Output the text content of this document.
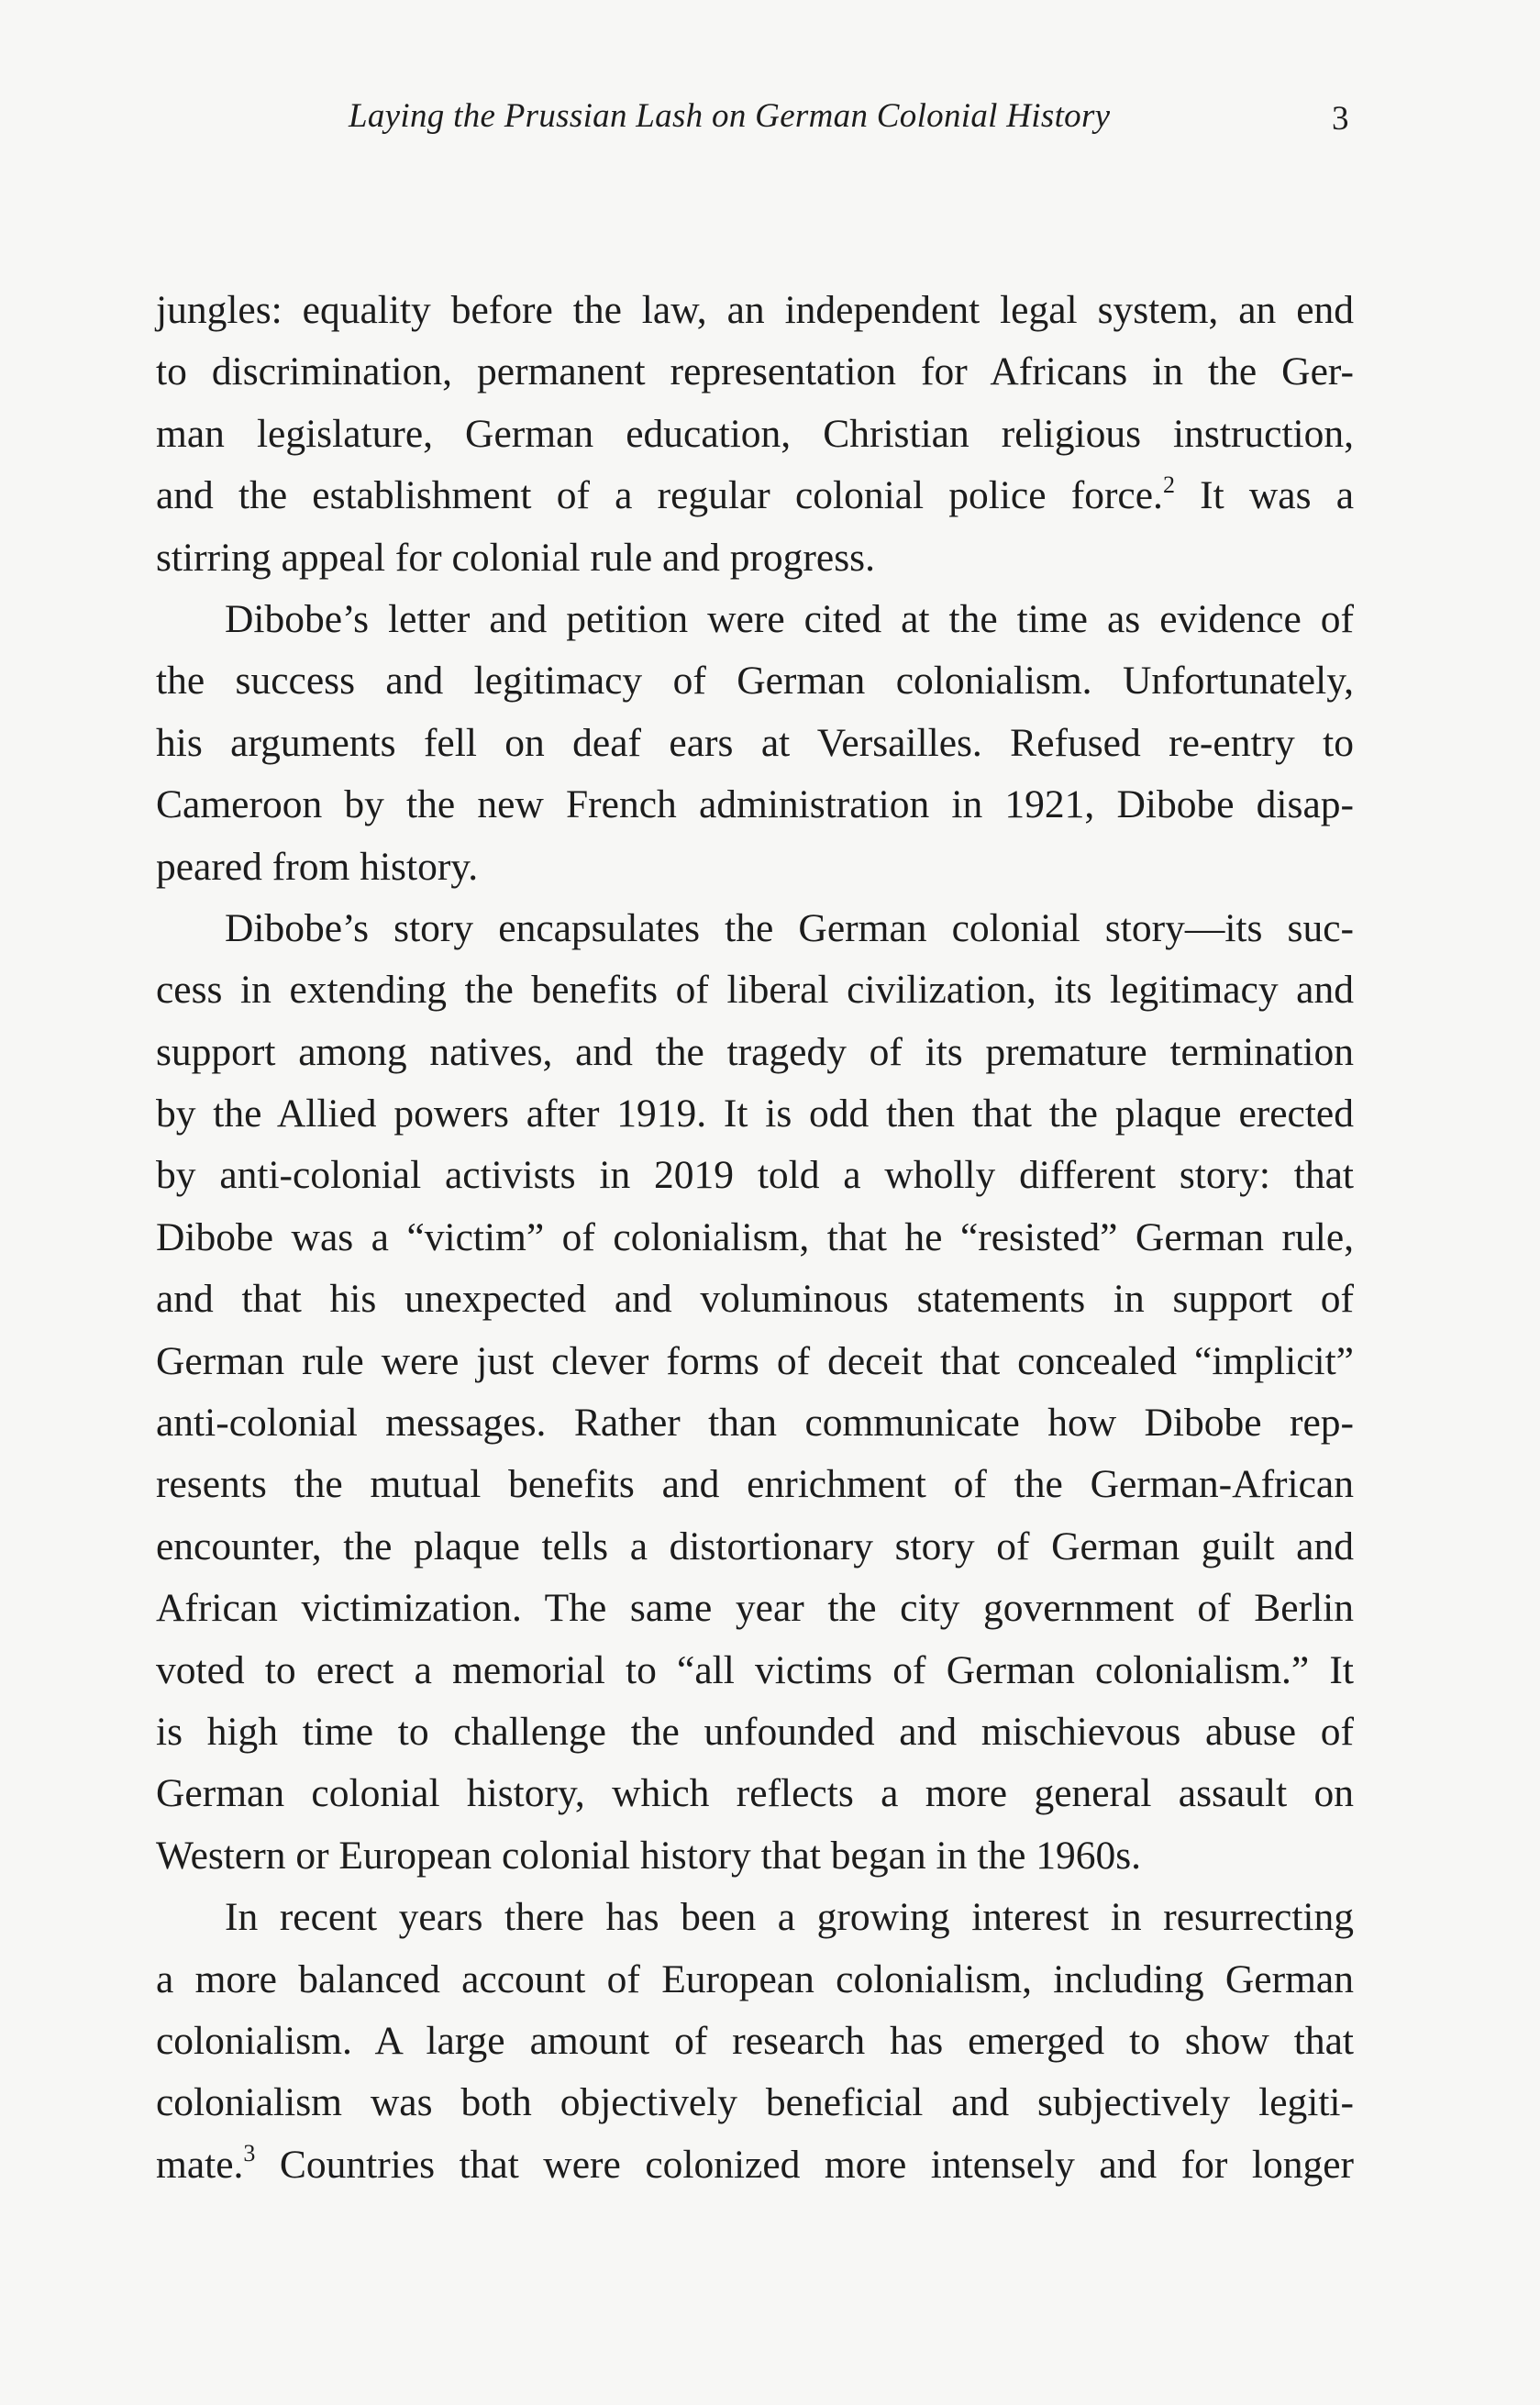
Laying the Prussian Lash on German Colonial History	3
jungles: equality before the law, an independent legal system, an end
to discrimination, permanent representation for Africans in the Ger-
man legislature, German education, Christian religious instruction,
and the establishment of a regular colonial police force.$^2$ It was a
stirring appeal for colonial rule and progress.
Dibobe’s letter and petition were cited at the time as evidence of
the success and legitimacy of German colonialism. Unfortunately,
his arguments fell on deaf ears at Versailles. Refused re-entry to
Cameroon by the new French administration in 1921, Dibobe disap-
peared from history.
Dibobe’s story encapsulates the German colonial story—its suc-
cess in extending the benefits of liberal civilization, its legitimacy and
support among natives, and the tragedy of its premature termination
by the Allied powers after 1919. It is odd then that the plaque erected
by anti-colonial activists in 2019 told a wholly different story: that
Dibobe was a “victim” of colonialism, that he “resisted” German rule,
and that his unexpected and voluminous statements in support of
German rule were just clever forms of deceit that concealed “implicit”
anti-colonial messages. Rather than communicate how Dibobe rep-
resents the mutual benefits and enrichment of the German-African
encounter, the plaque tells a distortionary story of German guilt and
African victimization. The same year the city government of Berlin
voted to erect a memorial to “all victims of German colonialism.” It
is high time to challenge the unfounded and mischievous abuse of
German colonial history, which reflects a more general assault on
Western or European colonial history that began in the 1960s.
In recent years there has been a growing interest in resurrecting
a more balanced account of European colonialism, including German
colonialism. A large amount of research has emerged to show that
colonialism was both objectively beneficial and subjectively legiti-
mate.$^3$ Countries that were colonized more intensely and for longer
